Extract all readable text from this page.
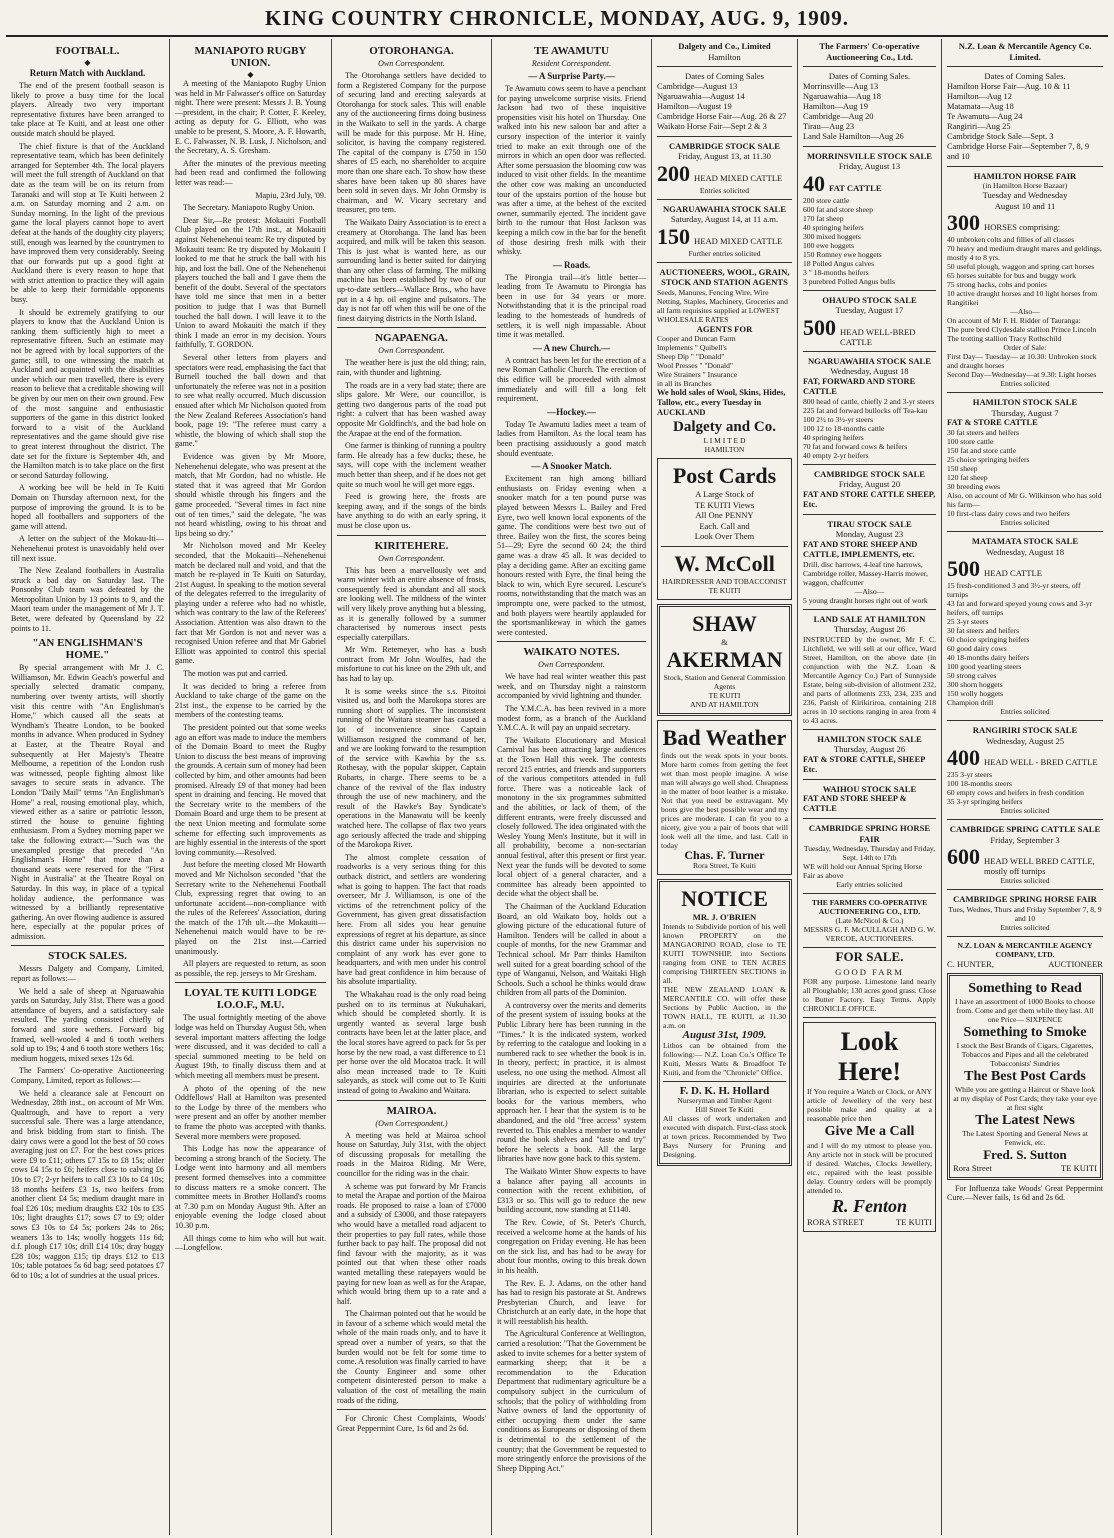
KING COUNTRY CHRONICLE, MONDAY, AUG. 9, 1909.
FOOTBALL.
◆
Return Match with Auckland.

The end of the present football season is likely to prove a busy time for the local players. Already two very important representative fixtures have been arranged to take place at Te Kuiti, and at least one other outside match should be played.

The chief fixture is that of the Auckland representative team, which has been definitely arranged for September 4th. The local players will meet the full strength of Auckland on that date as the team will be on its return from Taranaki and will stop at Te Kuiti between 2 a.m. on Saturday morning and 2 a.m. on Sunday morning. In the light of the previous game the local players cannot hope to avert defeat at the hands of the doughty city players; still, enough was learned by the countrymen to have improved them very considerably. Seeing that our forwards put up a good fight at Auckland there is every reason to hope that with strict attention to practice they will again be able to keep their formidable opponents busy.

It should be extremely gratifying to our players to know that the Auckland Union is ranking them sufficiently high to meet a representative fifteen. Such an estimate may not be agreed with by local supporters of the game; still, to one witnessing the match at Auckland and acquainted with the disabilities under which our men travelled, there is every reason to believe that a creditable showing will be given by our men on their own ground. Few of the most sanguine and enthusiastic supporters of the game in this district looked forward to a visit of the Auckland representatives and the game should give rise to great interest throughout the district. The date set for the fixture is September 4th, and the Hamilton match is to take place on the first or second Saturday following.

A working bee will be held in Te Kuiti Domain on Thursday afternoon next, for the purpose of improving the ground. It is to be hoped all footballers and supporters of the game will attend.

A letter on the subject of the Mokau-Iti—Nehenehenui protest is unavoidably held over till next issue.

The New Zealand footballers in Australia struck a bad day on Saturday last. The Ponsonby Club team was defeated by the Metropolitan Union by 13 points to 9, and the Maori team under the management of Mr J. T. Betet, were defeated by Queensland by 22 points to 11.

"AN ENGLISHMAN'S HOME."

By special arrangement with Mr J. C. Williamson, Mr. Edwin Geach's powerful and specially selected dramatic company, numbering over twenty artists, will shortly visit this centre with "An Englishman's Home," which caused all the seats at Wyndham's Theatre London, to be booked months in advance. When produced in Sydney at Easter, at the Theatre Royal and subsequently at Her Majesty's Theatre Melbourne, a repetition of the London rush was witnessed, people fighting almost like savages to secure seats in advance. The London "Daily Mail" terms "An Englishman's Home" a real, rousing emotional play, which, viewed either as a satire or patriotic lesson, stirred the house to genuine fighting enthusiasm. From a Sydney morning paper we take the following extract:—"Such was the unexampled prestige that preceded "An Englishman's Home" that more than a thousand seats were reserved for the "First Night in Australia" at the Theatre Royal on Saturday. In this way, in place of a typical holiday audience, the performance was witnessed by a brilliantly representative gathering. An over flowing audience is assured here, especially at the popular prices of admission.

STOCK SALES.

Messrs Dalgety and Company, Limited, report as follows:—

We held a sale of sheep at Ngaruawahia yards on Saturday, July 31st. There was a good attendance of buyers, and a satisfactory sale resulted. The yarding consisted chiefly of forward and store wethers. Forward big framed, well-wooled 4 and 6 tooth wethers sold up to 19s; 4 and 6 tooth store wethers 16s; medium hoggets, mixed sexes 12s 6d.

The Farmers' Co-operative Auctioneering Company, Limited, report as follows:—

We held a clearance sale at Fencourt on Wednesday, 28th inst., on account of Mr Wm. Qualtrough, and have to report a very successful sale. There was a large attendance, and brisk bidding from start to finish. The dairy cows were a good lot the best of 50 cows averaging just on £7. For the best cows prices were £9 to £11; others £7 15s to £8 15s; older cows £4 15s to £6; heifers close to calving £6 10s to £7; 2-yr heifers to call £3 10s to £4 10s; 18 months heifers £3 1s, two heifers from another client £4 5s; medium draught mare in foal £26 10s; medium draughts £32 10s to £35 10s; light draughts £17; sows £7 to £9; older sows £3 10s to £4 5s; porkers 24s to 26s; weaners 13s to 14s; woolly hoggets 11s 6d; d.f. plough £17 10s; drill £14 10s; dray buggy £28 10s; waggon £15; tip drays £12 to £13 10s; table potatoes 5s 6d bag; seed potatoes £7 6d to 10s; a lot of sundries at the usual prices.

MANIAPOTO RUGBY UNION.
◆

A meeting of the Maniapoto Rugby Union was held in Mr Falwasser's office on Saturday night. There were present: Messrs J. B. Young—president, in the chair; P. Cotter, F. Keeley, acting as deputy for G. Elliott, who was unable to be present, S. Moore, A. F. Howarth, E. C. Falwasser, N. B. Lusk, J. Nicholson, and the Secretary, A. S. Gresham.

After the minutes of the previous meeting had been read and confirmed the following letter was read:—

Mapiu, 23rd July, '09.

The Secretary. Maniapoto Rugby Union.

Dear Sir,—Re protest: Mokauiti Football Club played on the 17th inst., at Mokauiti against Nehenehenui team: Re try disputed by Mokauiti team: Re try disputed by Mokauiti I looked to me that he struck the ball with his hip, and lost the ball. One of the Nehenehenui players touched the ball and I gave them the benefit of the doubt. Several of the spectators have told me since that men in a better position to judge that I was that Burnell touched the ball down. I will leave it to the Union to award Mokauiti the match if they think I made an error in my decision. Yours faithfully, T. GORDON.

Several other letters from players and spectators were read, emphasising the fact that Burnell touched the ball down and that unfortunately the referee was not in a position to see what really occurred. Much discussion ensued after which Mr Nicholson quoted from the New Zealand Referees Association's hand book, page 19: "The referee must carry a whistle, the blowing of which shall stop the game."

Evidence was given by Mr Moore, Nehenehenui delegate, who was present at the match, that Mr Gordon, had no whistle. He stated that it was agreed that Mr Gordon should whistle through his fingers and the game proceeded. "Several times in fact nine out of ten times," said the delegate, "he was not heard whistling, owing to his throat and lips being so dry."

Mr Nicholson moved and Mr Keeley seconded, that the Mokauiti—Nehenehenui match be declared null and void, and that the match be re-played in Te Kuiti on Saturday, 21st August. In speaking to the motion several of the delegates referred to the irregularity of playing under a referee who had no whistle, which was contrary to the law of the Referees' Association. Attention was also drawn to the fact that Mr Gordon is not and never was a recognised Union referee and that Mr Gabriel Elliott was appointed to control this special game.

The motion was put and carried.

It was decided to bring a referee from Auckland to take charge of the game on the 21st inst., the expense to be carried by the members of the contesting teams.

The president pointed out that some weeks ago an effort was made to induce the members of the Domain Board to meet the Rugby Union to discuss the best means of improving the grounds. A certain sum of money had been collected by him, and other amounts had been promised. Already £9 of that money had been spent in draining and fencing. He moved that the Secretary write to the members of the Domain Board and urge them to be present at the next Union meeting and formulate some scheme for effecting such improvements as are highly essential in the interests of the sport loving community.—Resolved.

Just before the meeting closed Mr Howarth moved and Mr Nicholson seconded "that the Secretary write to the Nehenehenui Football Club, expressing regret that owing to an unfortunate accident—non-compliance with the rules of the Referees' Association, during the match of the 17th ult.—the Mokauiti—Nehenehenui match would have to be re-played on the 21st inst.—Carried unanimously.

All players are requested to return, as soon as possible, the rep. jerseys to Mr Gresham.

LOYAL TE KUITI LODGE I.O.O.F., M.U.

The usual fortnightly meeting of the above lodge was held on Thursday August 5th, when several important matters affecting the lodge were discussed, and it was decided to call a special summoned meeting to be held on August 19th, to finally discuss them and at which meeting all members must be present.

A photo of the opening of the new Oddfellows' Hall at Hamilton was presented to the Lodge by three of the members who were present and an offer by another member to frame the photo was accepted with thanks. Several more members were proposed.

This Lodge has now the appearance of becoming a strong branch of the Society. The Lodge went into harmony and all members present formed themselves into a committee to discuss matters re a smoke concert. The committee meets in Brother Holland's rooms at 7.30 p.m on Monday August 9th. After an enjoyable evening the lodge closed about 10.30 p.m.

All things come to him who will but wait.—Longfellow.

OTOROHANGA.
Own Correspondent.

The Otorohanga settlers have decided to form a Registered Company for the purpose of securing land and erecting saleyards at Otorohanga for stock sales. This will enable any of the auctioneering firms doing business in the Waikato to sell in the yards. A charge will be made for this purpose. Mr H. Hine, solicitor, is having the company registered. The capital of the company is £750 in 150 shares of £5 each, no shareholder to acquire more than one share each. To show how these shares have been taken up 80 shares have been sold in seven days. Mr John Ormsby is chairman, and W. Vicary secretary and treasurer, pro tem.

The Waikato Dairy Association is to erect a creamery at Otorohanga. The land has been acquired, and milk will be taken this season. This is just what is wanted here, as our surrounding land is better suited for dairying than any other class of farming. The milking machine has been established by two of our up-to-date settlers—Wallace Bros., who have put in a 4 hp. oil engine and pulsators. The day is not far off when this will be one of the finest dairying districts in the North Island.

NGAPAENGA.
Own Correspondent.

The weather here is just the old thing; rain, rain, with thunder and lightning.

The roads are in a very bad state; there are slips galore. Mr Were, our councillor, is getting two dangerous parts of the road put right: a culvert that has been washed away opposite Mr Goldfinch's, and the bad hole on the Arapae at the end of the formation.

One farmer is thinking of running a poultry farm. He already has a few ducks; these, he says, will cope with the inclement weather much better than sheep, and if he does not get quite so much wool he will get more eggs.

Feed is growing here, the frosts are keeping away, and if the songs of the birds have anything to do with an early spring, it must be close upon us.

KIRITEHERE.
Own Correspondent.

This has been a marvellously wet and warm winter with an entire absence of frosts, consequently feed is abundant and all stock are looking well. The mildness of the winter will very likely prove anything but a blessing, as it is generally followed by a summer characterised by numerous insect pests especially caterpillars.

Mr Wm. Retemeyer, who has a bush contract from Mr John Woulfes, had the misfortune to cut his knee on the 29th ult, and has had to lay up.

It is some weeks since the s.s. Pitoitoi visited us, and both the Marokopa stores are running short of supplies. The inconsistent running of the Waitara steamer has caused a lot of inconvenience since Captain Williamson resigned the command of her, and we are looking forward to the resumption of the service with Kawhia by the s.s. Rothesay, with the popular skipper, Captain Robarts, in charge. There seems to be a chance of the revival of the flax industry through the use of new machinery, and the result of the Hawke's Bay Syndicate's operations in the Manawatu will be keenly watched here. The collapse of flax two years ago seriously affected the trade and shipping of the Marokopa River.

The almost complete cessation of roadworks is a very serious thing for this outback district, and settlers are wondering what is going to happen. The fact that roads overseer, Mr J. Williamson, is one of the victims of the retrenchment policy of the Government, has given great dissatisfaction here. From all sides you hear genuine expressions of regret at his departure, as since this district came under his supervision no complaint of any work has ever gone to headquarters, and with men under his control have had great confidence in him because of his absolute impartiality.

The Whakahau road is the only road being pushed on to its terminus at Nukuhakari, which should be completed shortly. It is urgently wanted as several large bush contracts have been let at the latter place, and the local stores have agreed to pack for 5s per horse by the new road, a vast difference to £1 per horse over the old Mocatoa track. It will also mean increased trade to Te Kuiti saleyards, as stock will come out to Te Kuiti instead of going to Awakino and Waitara.

MAIROA.
(Own Correspondent.)

A meeting was held at Mairoa school house on Saturday, July 31st, with the object of discussing proposals for metalling the roads in the Mairoa Riding. Mr Were, councillor for the riding was in the chair.

A scheme was put forward by Mr Francis to metal the Arapae and portion of the Mairoa roads. He proposed to raise a loan of £7000 and a subsidy of £3000, and those ratepayers who would have a metalled road adjacent to their properties to pay full rates, while those further back to pay half. The proposal did not find favour with the majority, as it was pointed out that when these other roads wanted metalling these ratepayers would be paying for new loan as well as for the Arapae, which would bring them up to a rate and a half.

The Chairman pointed out that he would be in favour of a scheme which would metal the whole of the main roads only, and to have it spread over a number of years, so that the burden would not be felt for some time to come. A resolution was finally carried to have the County Engineer and some other competent disinterested person to make a valuation of the cost of metalling the main roads of the riding.

For Chronic Chest Complaints, Woods' Great Peppermint Cure, 1s 6d and 2s 6d.

TE AWAMUTU
Resident Correspondent.
— A Surprise Party.—

Te Awamutu cows seem to have a penchant for paying unwelcome surprise visits. Friend Jackson had two of these inquisitive propensities visit his hotel on Thursday. One walked into his new saloon bar and after a cursory inspection of the interior it vainly tried to make an exit through one of the mirrors in which an open door was reflected. After some persuasion the blooming cow was induced to visit other fields. In the meantime the other cow was making an unconducted tour of the upstairs portion of the house but was after a time, at the behest of the excited owner, summarily ejected. The incident gave birth to the rumour that Host Jackson was keeping a milch cow in the bar for the benefit of those desiring fresh milk with their whisky.

— Roads.

The Pirongia trail—it's little better—leading from Te Awamutu to Pirongia has been in use for 34 years or more. Notwithstanding that it is the principal road leading to the homesteads of hundreds of settlers, it is well nigh impassable. About time it was metalled.

— A new Church.—

A contract has been let for the erection of a new Roman Catholic Church. The erection of this edifice will be proceeded with almost immediately and will fill a long felt requirement.

—Hockey.—

Today Te Awamutu ladies meet a team of ladies from Hamilton. As the local team has been practising assiduously a good match should eventuate.

— A Snooker Match.

Excitement ran high among billiard enthusiasts on Friday evening when a snooker match for a ten pound purse was played between Messrs L. Bailey and Fred Eyre, two well known local exponents of the game. The conditions were best two out of three. Bailey won the first, the scores being 51—29; Eyre the second 60 24; the third game was a draw 45 all. It was decided to play a deciding game. After an exciting game honours rested with Eyre, the final being the black to win, which Eyre secured. Lescure's rooms, notwithstanding that the match was an impromptu one, were packed to the utmost, and both players were heartily applauded for the sportsmanlikeway in which the games were contested.

WAIKATO NOTES.
Own Correspondent.

We have had real winter weather this past week, and on Thursday night a rainstorm accompanied by vivid lightning and thunder.

The Y.M.C.A. has been revived in a more modest form, as a branch of the Auckland Y.M.C.A. It will pay an unpaid secretary.

The Waikato Elocutionary and Musical Carnival has been attracting large audiences at the Town Hall this week. The contests record 215 entries, and friends and supporters of the various competitors attended in full force. There was a noticeable lack of monotony in the six programmes submitted and the abilities, or lack of them, of the different entrants, were freely discussed and closely followed. The idea originated with the Wesley Young Men's Institute, but it will in all probability, become a non-sectarian annual festival, after this present or first year. Next year the funds will be devoted to some local object of a general character, and a committee has already been appointed to decide what the object shall be.

The Chairman of the Auckland Education Board, an old Waikato boy, holds out a glowing picture of the educational future of Hamilton. Tenders will be called in about a couple of months, for the new Grammar and Technical school. Mr Parr thinks Hamilton well suited for a great boarding school of the type of Wanganui, Nelson, and Waitaki High Schools. Such a school he thinks would draw children from all parts of the Dominion.

A controversy over the merits and demerits of the present system of issuing books at the Public Library here has been running in the "Times." It is the indicated system, worked by referring to the catalogue and looking in a numbered rack to see whether the book is in. In theory, perfect; in practice, it is almost useless, no one using the method. Almost all inquiries are directed at the unfortunate librarian, who is expected to select suitable books for the various members, who approach her. I hear that the system is to be abandoned, and the old "free access" system reverted to. This enables a member to wander round the book shelves and "taste and try" before he selects a book. All the large libraries have now gone back to this system.

The Waikato Winter Show expects to have a balance after paying all accounts in connection with the recent exhibition, of £313 or so. This will go to reduce the new building account, now standing at £1140.

The Rev. Cowie, of St. Peter's Church, received a welcome home at the hands of his congregation on Friday evening. He has been on the sick list, and has had to be away for about four months, owing to this break down in his health.

The Rev. E. J. Adams, on the other hand has had to resign his pastorate at St. Andrews Presbyterian Church, and leave for Christchurch at an early date, in the hope that it will reestablish his health.

The Agricultural Conference at Wellington, carried a resolution: "That the Government be asked to invite schemes for a better system of earmarking sheep; that it be a recommendation to the Education Department that rudimentary agriculture be a compulsory subject in the curriculum of schools; that the policy of withholding from Native owners of land the opportunity of either occupying them under the same conditions as Europeans or disposing of them is detrimental to the settlement of the country; that the Government be requested to more stringently enforce the provisions of the Sheep Dipping Act."

Dalgety and Co., Limited
Hamilton
Dates of Coming Sales
Cambridge—August 13
Ngaruawahia—August 14
Hamilton—August 19
Cambridge Horse Fair—Aug. 26 & 27
Waikato Horse Fair—Sept 2 & 3
CAMBRIDGE STOCK SALE
Friday, August 13, at 11.30
200 HEAD MIXED CATTLE
Entries solicited
NGARUAWAHIA STOCK SALE
Saturday, August 14, at 11 a.m.
150 HEAD MIXED CATTLE
Further entries solicited
AUCTIONEERS, WOOL, GRAIN, STOCK AND STATION AGENTS
Seeds, Manures, Fencing Wire, Wire Netting, Staples, Machinery, Groceries and all farm requisites supplied at LOWEST WHOLESALE RATES
AGENTS FOR
Cooper and Duncan Farm
Implements " Quibell's
Sheep Dip " "Donald"
Wool Presses " "Donald"
Wire Strainers " Insurance
in all its Branches
We hold sales of Wool, Skins, Hides, Tallow, etc., every Tuesday in AUCKLAND
Dalgety and Co.
L I M I T E D
HAMILTON
Post Cards
A Large Stock of
TE KUITI Views
All One PENNY
Each. Call and
Look Over Them
W. McColl
HAIRDRESSER AND TOBACCONIST
TE KUITI
SHAW
&
AKERMAN
Stock, Station and General Commission Agents
TE KUITI
AND AT HAMILTON
Bad Weather
finds out the weak spots in your boots. More harm comes from getting the feet wet than most people imagine. A wise man will always go well shod. Cheapness in the matter of boot leather is a mistake. Not that you need be extravagant. My boots give the best possible wear and my prices are moderate. I can fit you to a nicety, give you a pair of boots that will look well all the time, and last. Call in today
Chas. F. Turner
Rora Street, Te Kuiti
NOTICE
MR. J. O'BRIEN
Intends to Subdivide portion of his well known PROPERTY on the MANGAORINO ROAD, close to TE KUITI TOWNSHIP, into Sections ranging from ONE to TEN ACRES comprising THIRTEEN SECTIONS in all.
THE NEW ZEALAND LOAN & MERCANTILE CO. will offer these Sections by Public Auction, in the TOWN HALL, TE KUITI, at 11.30 a.m. on
August 31st, 1909.
Lithos can be obtained from the following:— N.Z. Loan Co.'s Office Te Kuiti, Messrs Watts & Broadfoot Te Kuiti, and from the "Chronicle" Office.
F. D. K. H. Hollard
Nurseryman and Timber Agent
Hill Street Te Kuiti
All classes of work undertaken and executed with dispatch. First-class stock at town prices. Recommended by Two Bays Nursery for Pruning and Designing.
The Farmers' Co-operative Auctioneering Co., Ltd.
Dates of Coming Sales.
Morrinsville—Aug 13
Ngaruawahia—Aug 18
Hamilton—Aug 19
Cambridge—Aug 20
Tirau—Aug 23
Land Sale Hamilton—Aug 26
MORRINSVILLE STOCK SALE
Friday, August 13
40 FAT CATTLE
200 store cattle
600 fat and store sheep
170 fat sheep
40 springing heifers
300 mixed hoggets
100 ewe hoggets
150 Romney ewe hoggets
18 Polled Angus calves
3 " 18-months heifers
3 purebred Polled Angus bulls
OHAUPO STOCK SALE
Tuesday, August 17
500 HEAD WELL-BRED CATTLE
NGARUAWAHIA STOCK SALE
Wednesday, August 18
FAT, FORWARD AND STORE CATTLE
800 head of cattle, chiefly 2 and 3-yr steers
225 fat and forward bullocks off Tea-kau
100 2½ to 3½-yr steers
100 12 to 18-months cattle
40 springing heifers
70 fat and forward cows & heifers
40 empty 2-yr heifers
CAMBRIDGE STOCK SALE
Friday, August 20
FAT AND STORE CATTLE SHEEP, Etc.
TIRAU STOCK SALE
Monday, August 23
FAT AND STORE SHEEP AND CATTLE, IMPLEMENTS, etc.
Drill, disc harrows, 4-leaf tine harrows, Cambridge roller, Massey-Harris mower, waggon, chaffcutter
—Also—
5 young draught horses right out of work
LAND SALE AT HAMILTON
Thursday, August 26
INSTRUCTED by the owner, Mr F. C. Litchfield, we will sell at our office, Ward Street, Hamilton, on the above date (in conjunction with the N.Z. Loan & Mercantile Agency Co.) Part of Sunnyside Estate, being sub-division of allotment 232, and parts of allotments 233, 234, 235 and 236, Parish of Kirikiriroa, containing 218 acres in 10 sections ranging in area from 4 to 43 acres.
HAMILTON STOCK SALE
Thursday, August 26
FAT & STORE CATTLE, SHEEP Etc.
WAIHOU STOCK SALE
FAT AND STORE SHEEP & CATTLE
CAMBRIDGE SPRING HORSE FAIR
Tuesday, Wednesday, Thursday and Friday, Sept. 14th to 17th
WE will hold our Annual Spring Horse Fair as above
Early entries solicited
THE FARMERS CO-OPERATIVE AUCTIONEERING CO., LTD.
(Late McNicol & Co.)
MESSRS G. F. McCULLAGH AND G. W. VERCOE, AUCTIONEERS.
FOR SALE.
GOOD FARM
FOR any purpose. Limestone land nearly all Ploughable; 130 acres good grass. Close to Butter Factory. Easy Terms. Apply CHRONICLE OFFICE.
Look Here!
If You require a Watch or Clock, or ANY article of Jewellery of the very best possible make and quality at a reasonable price then
Give Me a Call
and I will do my utmost to please you. Any article not in stock will be procured if desired. Watches, Clocks Jewellery, etc., repaired with the least possible delay. Country orders will be promptly attended to.
R. Fenton
RORA STREET	TE KUITI
N.Z. Loan & Mercantile Agency Co. Limited.
Dates of Coming Sales.
Hamilton Horse Fair—Aug. 10 & 11
Hamilton—Aug 12
Matamata—Aug 18
Te Awamutu—Aug 24
Rangiriri—Aug 25
Cambridge Stock Sale—Sept. 3
Cambridge Horse Fair—September 7, 8, 9 and 10
HAMILTON HORSE FAIR
(in Hamilton Horse Bazaar)
Tuesday and Wednesday
August 10 and 11
300 HORSES comprising:
40 unbroken colts and fillies of all classes
70 heavy and medium draught mares and geldings, mostly 4 to 8 yrs.
50 useful plough, waggon and spring cart horses
65 horses suitable for bus and buggy work
75 strong hacks, cobs and ponies
10 active draught horses and 10 light horses from Rangitikei
—Also—
On account of Mr F. H. Ridder of Tauranga:
The pure bred Clydesdale stallion Prince Lincoln
The trotting stallion Tracy Rothschild
Order of Sale:
First Day— Tuesday— at 10.30: Unbroken stock and draught horses
Second Day—Wednesday—at 9.30: Light horses
Entries solicited
HAMILTON STOCK SALE
Thursday, August 7
FAT & STORE CATTLE
30 fat steers and heifers
100 store cattle
150 fat and store cattle
25 choice springing heifers
150 sheep
120 fat sheep
30 breeding ewes
Also, on account of Mr G. Wilkinson who has sold his farm—
10 first-class dairy cows and two heifers
Entries solicited
MATAMATA STOCK SALE
Wednesday, August 18
500 HEAD CATTLE
15 fresh-conditioned 3 and 3½-yr steers, off turnips
43 fat and forward speyed young cows and 3-yr heifers, off turnips
25 3-yr steers
30 fat steers and heifers
60 choice springing heifers
60 good dairy cows
40 18-months dairy heifers
100 good yearling steers
50 strong calves
300 shorn hoggets
150 wolly hoggets
Champion drill
Entries solicited
RANGIRIRI STOCK SALE
Wednesday, August 25
400 HEAD WELL - BRED CATTLE
235 3-yr steers
100 18-months steers
60 empty cows and heifers in fresh condition
35 3-yr springing heifers
Entries solicited
CAMBRIDGE SPRING CATTLE SALE
Friday, September 3
600 HEAD WELL BRED CATTLE, mostly off turnips
Entries solicited
CAMBRIDGE SPRING HORSE FAIR
Tues, Wednes, Thurs and Friday September 7, 8, 9 and 10
Entries solicited
N.Z. LOAN & MERCANTILE AGENCY COMPANY, LTD.
C. HUNTER,	AUCTIONEER
Something to Read
I have an assortment of 1000 Books to choose from. Come and get them while they last. All one Price— SIXPENCE
Something to Smoke
I stock the Best Brands of Cigars, Cigarettes, Tobaccos and Pipes and all the celebrated Tobacconists' Sundries
The Best Post Cards
While you are getting a Haircut or Shave look at my display of Post Cards; they take your eye at first sight
The Latest News
The Latest Sporting and General News at Fenwick, etc.
Fred. S. Sutton
Rora Street	TE KUITI

For Influenza take Woods' Great Peppermint Cure.—Never fails, 1s 6d and 2s 6d.
